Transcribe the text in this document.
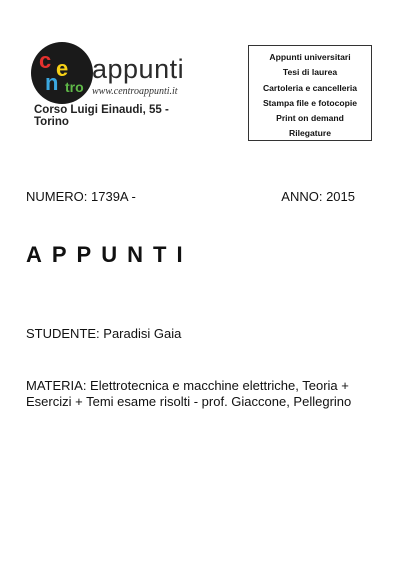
c e
n tro
appunti
www.centroappunti.it
Corso Luigi Einaudi, 55 - Torino
Appunti universitari
Tesi di laurea
Cartoleria e cancelleria
Stampa file e fotocopie
Print on demand
Rilegature
NUMERO: 1739A -	ANNO: 2015
APPUNTI
STUDENTE: Paradisi Gaia
MATERIA: Elettrotecnica e macchine elettriche, Teoria + Esercizi + Temi esame risolti - prof. Giaccone, Pellegrino
